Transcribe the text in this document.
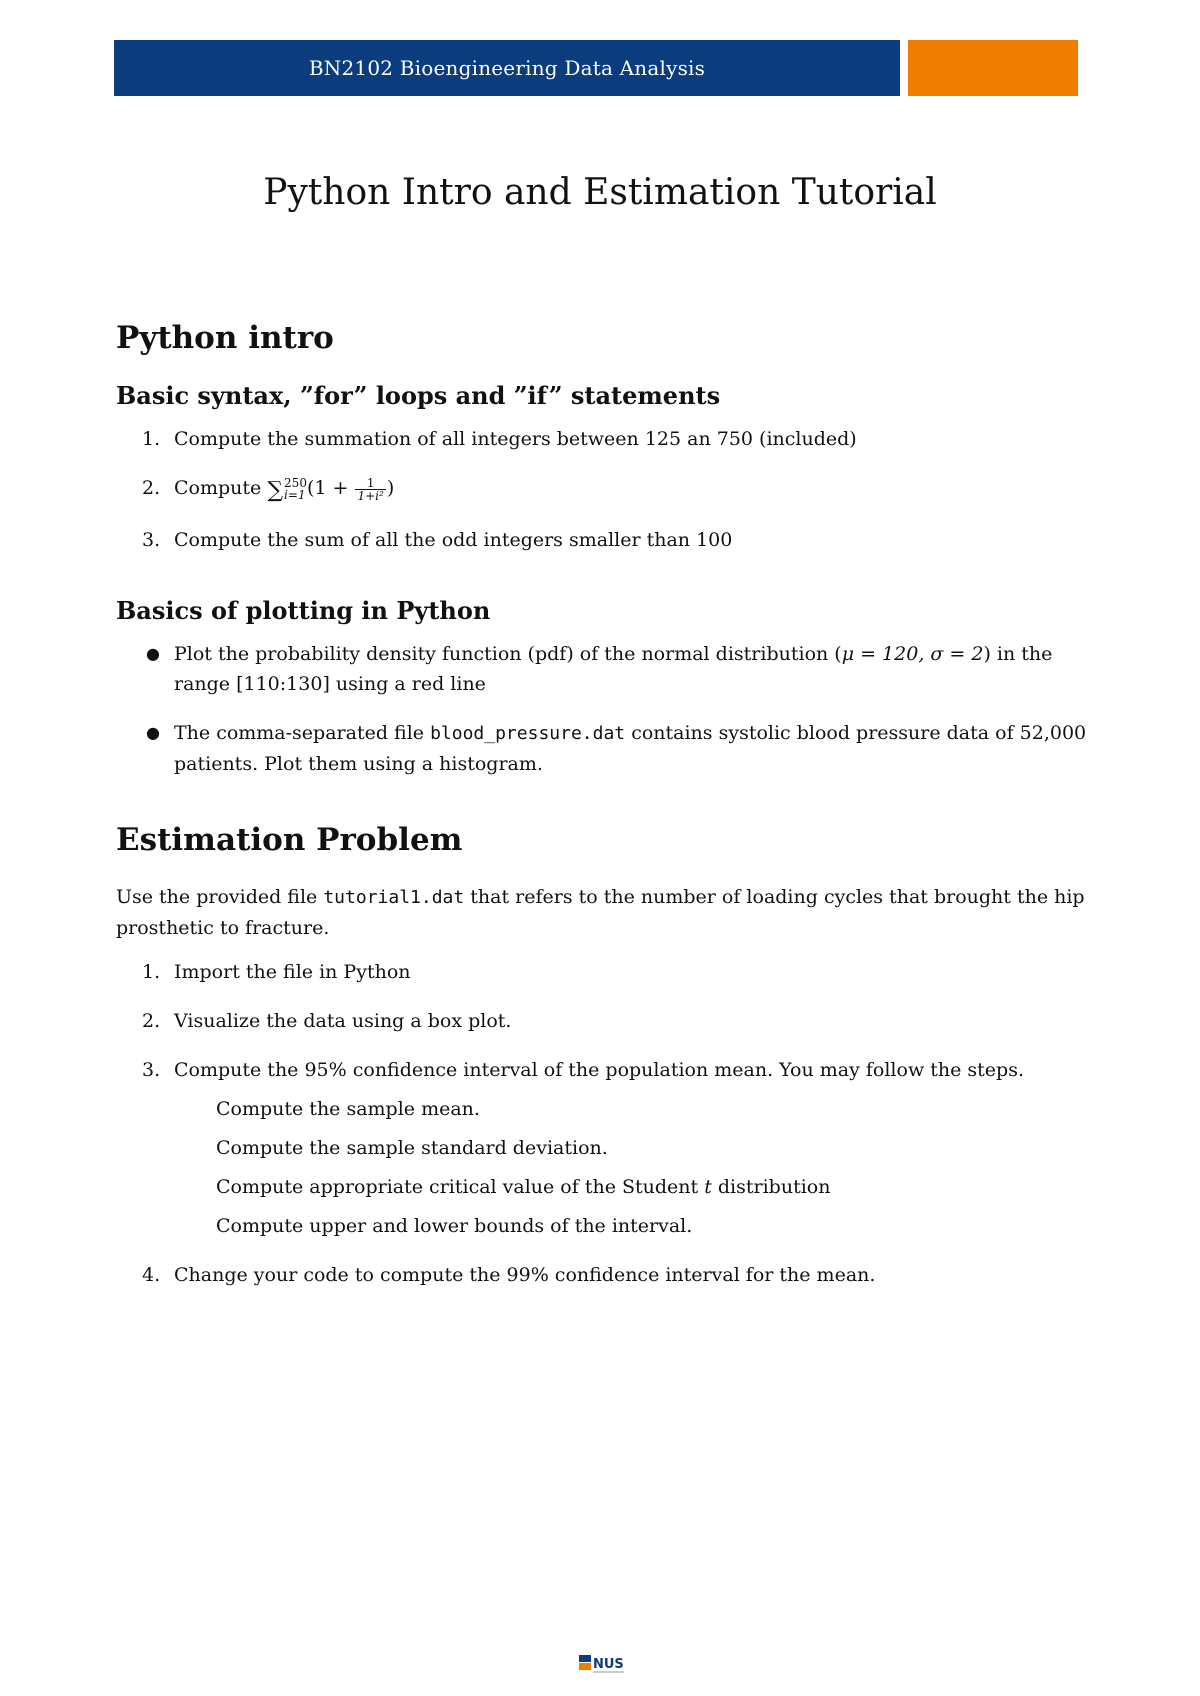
BN2102 Bioengineering Data Analysis
Python Intro and Estimation Tutorial
Python intro
Basic syntax, ”for” loops and ”if” statements
1. Compute the summation of all integers between 125 an 750 (included)
2. Compute ∑ 250
i=1 ($1 + \frac{1}{\text{1+i²}}$ )
3. Compute the sum of all the odd integers smaller than 100
Basics of plotting in Python
● Plot the probability density function (pdf) of the normal distribution (μ = 120, σ = 2) in the range [110:130] using a red line
● The comma-separated file blood_pressure.dat contains systolic blood pressure data of 52,000 patients. Plot them using a histogram.
Estimation Problem

Use the provided file tutorial1.dat that refers to the number of loading cycles that brought the hip prosthetic to fracture.

1. Import the file in Python
2. Visualize the data using a box plot.
3. Compute the 95% confidence interval of the population mean. You may follow the steps.
Compute the sample mean.
Compute the sample standard deviation.
Compute appropriate critical value of the Student t distribution
Compute upper and lower bounds of the interval.
4. Change your code to compute the 99% confidence interval for the mean.
NUS
